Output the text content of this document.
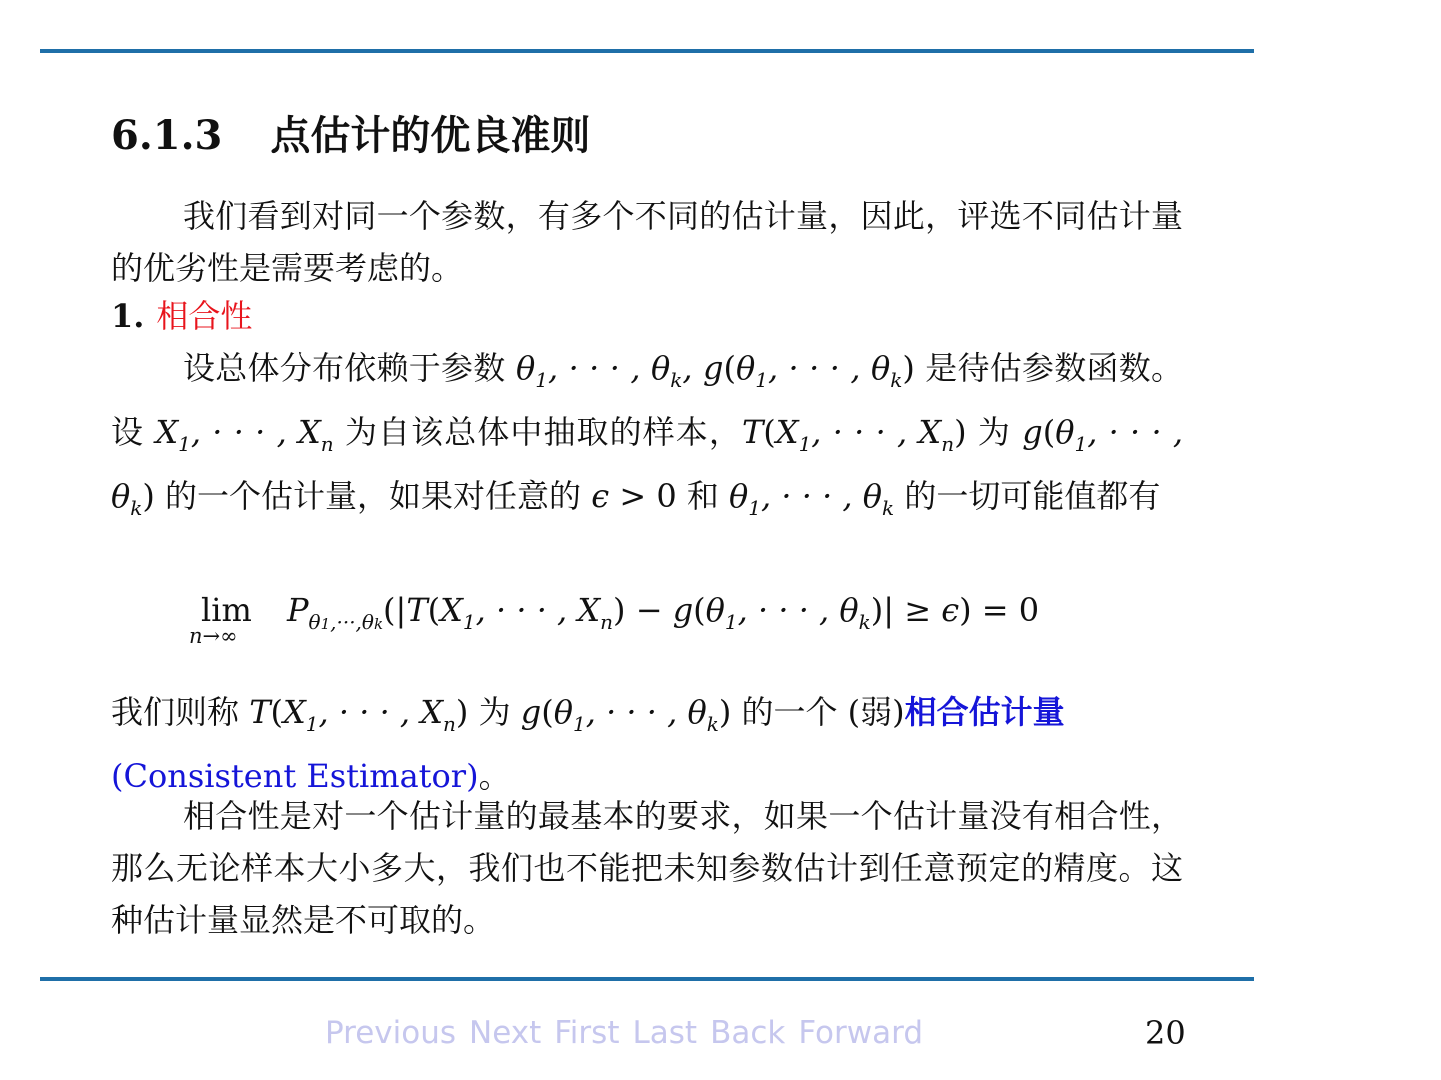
6.1.3 点估计的优良准则

我们看到对同一个参数，有多个不同的估计量，因此，评选不同估计量的优劣性是需要考虑的。

1. 相合性

设总体分布依赖于参数 $\theta_1$, · · · , $\theta_k$, $g(\theta_1$, · · · , $\theta_k$) 是待估参数函数。设 $X_1$, · · · , $X_n$ 为自该总体中抽取的样本，$T(X_1$, · · · , $X_n$) 为 $g(\theta_1$, · · · , $\theta_k$) 的一个估计量，如果对任意的 ϵ > 0 和 $\theta_1$, · · · , $\theta_k$ 的一切可能值都有

lim
n→∞
$P_{\theta 1,\cdot\cdot\cdot,\theta k}(|T(X_1$, · · · , $X_n) - g(\theta_1$, · · · , $\theta_k)| \ge \epsilon) = 0$

我们则称 $T(X_1$, · · · , $X_n$) 为 $g(\theta_1$, · · · , $\theta_k$) 的一个 (弱)相合估计量
(Consistent Estimator)。

相合性是对一个估计量的最基本的要求，如果一个估计量没有相合性，那么无论样本大小多大，我们也不能把未知参数估计到任意预定的精度。这种估计量显然是不可取的。

Previous Next First Last Back Forward	20
